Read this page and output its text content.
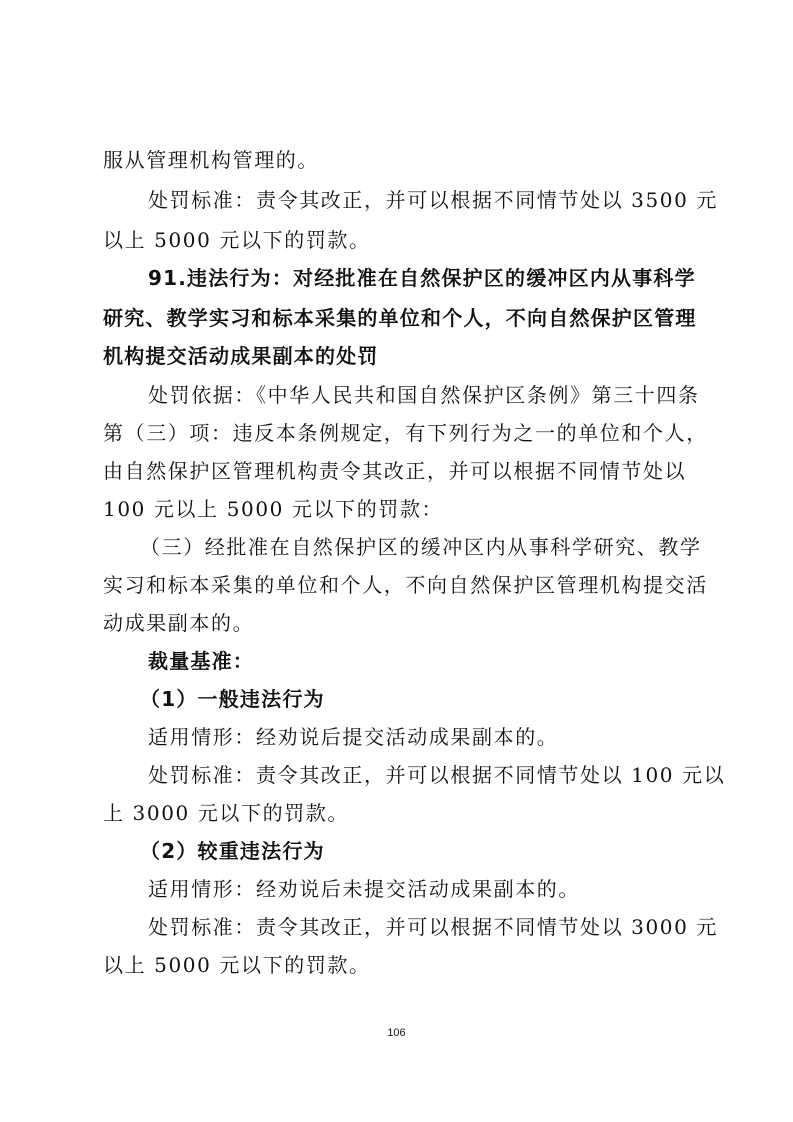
服从管理机构管理的。
处罚标准：责令其改正，并可以根据不同情节处以 3500 元
以上 5000 元以下的罚款。
91.违法行为：对经批准在自然保护区的缓冲区内从事科学
研究、教学实习和标本采集的单位和个人，不向自然保护区管理
机构提交活动成果副本的处罚
处罚依据：《中华人民共和国自然保护区条例》第三十四条
第（三）项：违反本条例规定，有下列行为之一的单位和个人，
由自然保护区管理机构责令其改正，并可以根据不同情节处以
100 元以上 5000 元以下的罚款：
（三）经批准在自然保护区的缓冲区内从事科学研究、教学
实习和标本采集的单位和个人，不向自然保护区管理机构提交活
动成果副本的。
裁量基准：
（1）一般违法行为
适用情形：经劝说后提交活动成果副本的。
处罚标准：责令其改正，并可以根据不同情节处以 100 元以
上 3000 元以下的罚款。
（2）较重违法行为
适用情形：经劝说后未提交活动成果副本的。
处罚标准：责令其改正，并可以根据不同情节处以 3000 元
以上 5000 元以下的罚款。
106
